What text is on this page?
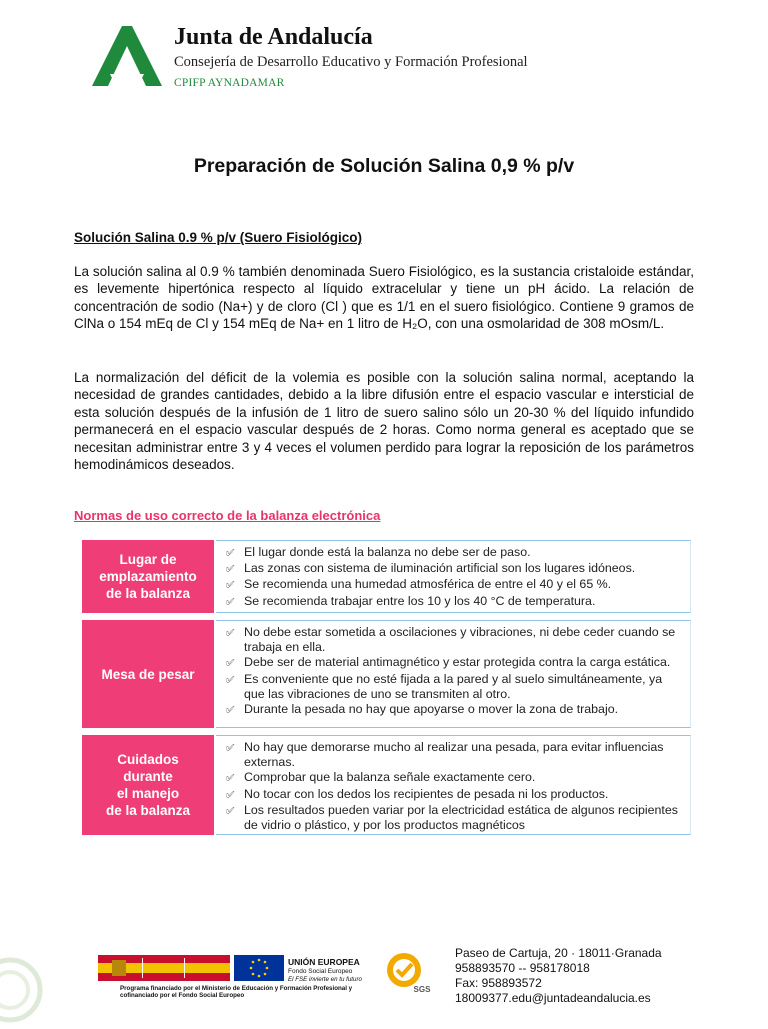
Junta de Andalucía
Consejería de Desarrollo Educativo y Formación Profesional
CPIFP AYNADAMAR
Preparación de Solución Salina 0,9 % p/v
Solución Salina 0.9 % p/v (Suero Fisiológico)
La solución salina al 0.9 % también denominada Suero Fisiológico, es la sustancia cristaloide estándar, es levemente hipertónica respecto al líquido extracelular y tiene un pH ácido. La relación de concentración de sodio (Na+) y de cloro (Cl ) que es 1/1 en el suero fisiológico. Contiene 9 gramos de ClNa o 154 mEq de Cl y 154 mEq de Na+ en 1 litro de H₂O, con una osmolaridad de 308 mOsm/L.
La normalización del déficit de la volemia es posible con la solución salina normal, aceptando la necesidad de grandes cantidades, debido a la libre difusión entre el espacio vascular e intersticial de esta solución después de la infusión de 1 litro de suero salino sólo un 20-30 % del líquido infundido permanecerá en el espacio vascular después de 2 horas. Como norma general es aceptado que se necesitan administrar entre 3 y 4 veces el volumen perdido para lograr la reposición de los parámetros hemodinámicos deseados.
Normas de uso correcto de la balanza electrónica
Lugar de
emplazamiento
de la balanza
✅︎ El lugar donde está la balanza no debe ser de paso.
✅︎ Las zonas con sistema de iluminación artificial son los lugares idóneos.
✅︎ Se recomienda una humedad atmosférica de entre el 40 y el 65 %.
✅︎ Se recomienda trabajar entre los 10 y los 40 °C de temperatura.
Mesa de pesar
✅︎ No debe estar sometida a oscilaciones y vibraciones, ni debe ceder cuando se trabaja en ella.
✅︎ Debe ser de material antimagnético y estar protegida contra la carga estática.
✅︎ Es conveniente que no esté fijada a la pared y al suelo simultáneamente, ya que las vibraciones de uno se transmiten al otro.
✅︎ Durante la pesada no hay que apoyarse o mover la zona de trabajo.
Cuidados
durante
el manejo
de la balanza
✅︎ No hay que demorarse mucho al realizar una pesada, para evitar influencias externas.
✅︎ Comprobar que la balanza señale exactamente cero.
✅︎ No tocar con los dedos los recipientes de pesada ni los productos.
✅︎ Los resultados pueden variar por la electricidad estática de algunos recipientes de vidrio o plástico, y por los productos magnéticos
UNIÓN EUROPEA
Fondo Social Europeo
El FSE invierte en tu futuro
Programa financiado por el Ministerio de Educación y Formación Profesional y
cofinanciado por el Fondo Social Europeo
SGS
Paseo de Cartuja, 20 · 18011·Granada
958893570 -- 958178018
Fax: 958893572
18009377.edu@juntadeandalucia.es
